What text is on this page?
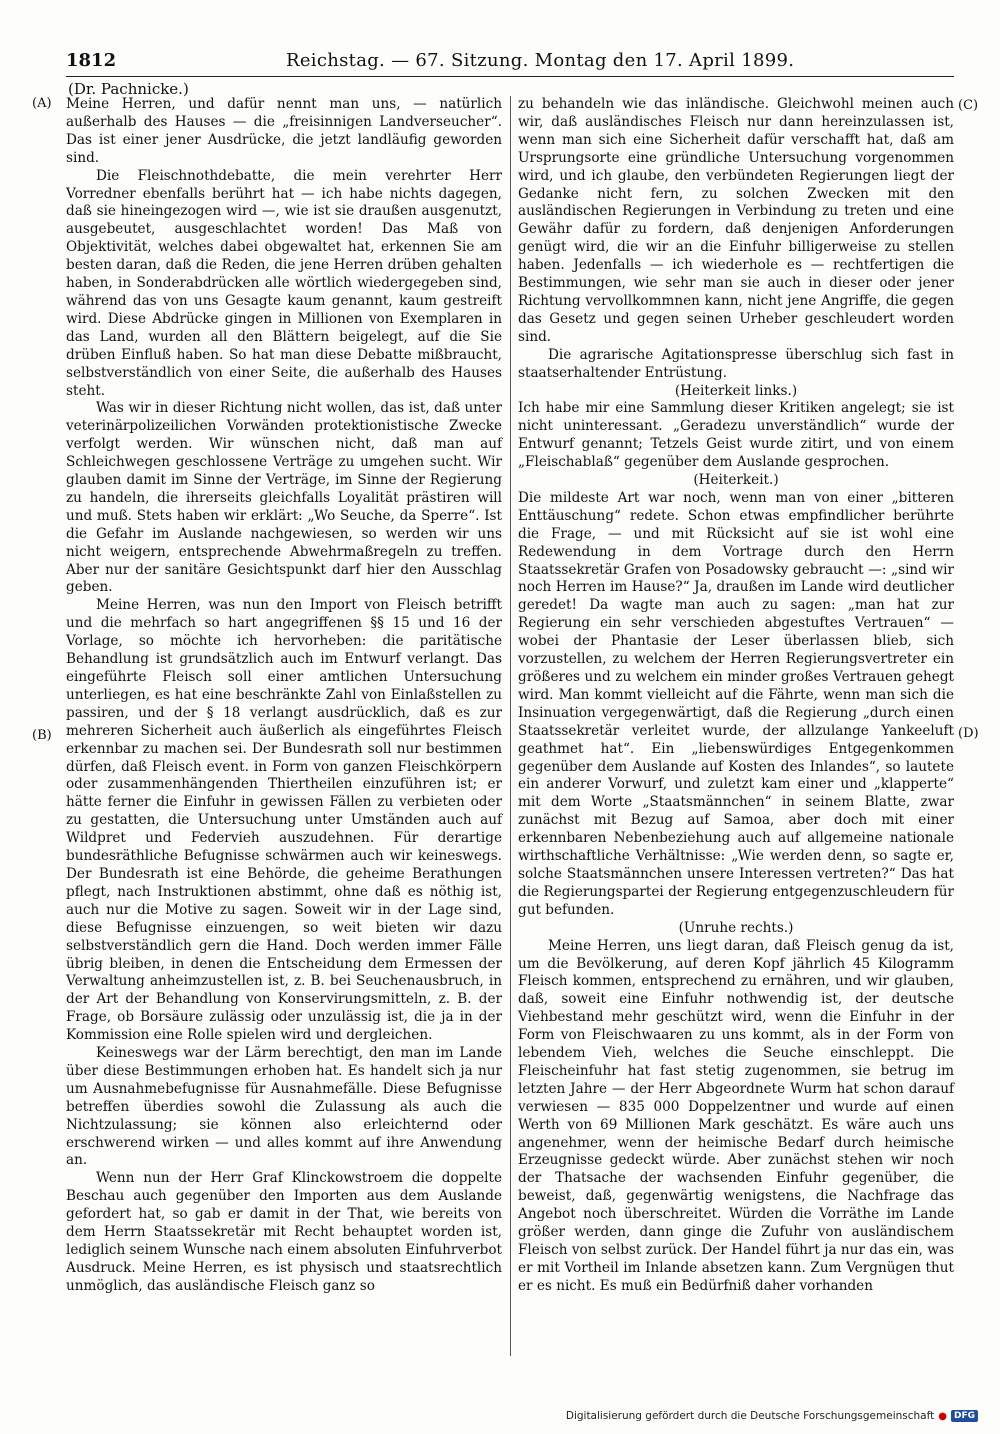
1812	Reichstag. — 67. Sitzung. Montag den 17. April 1899.
(Dr. Pachnicke.)
(A)
(B)
(C)
(D)

Meine Herren, und dafür nennt man uns, — natürlich außerhalb des Hauses — die „freisinnigen Landverseucher“. Das ist einer jener Ausdrücke, die jetzt landläufig geworden sind.

Die Fleischnothdebatte, die mein verehrter Herr Vorredner ebenfalls berührt hat — ich habe nichts dagegen, daß sie hineingezogen wird —, wie ist sie draußen ausgenutzt, ausgebeutet, ausgeschlachtet worden! Das Maß von Objektivität, welches dabei obgewaltet hat, erkennen Sie am besten daran, daß die Reden, die jene Herren drüben gehalten haben, in Sonderabdrücken alle wörtlich wiedergegeben sind, während das von uns Gesagte kaum genannt, kaum gestreift wird. Diese Abdrücke gingen in Millionen von Exemplaren in das Land, wurden all den Blättern beigelegt, auf die Sie drüben Einfluß haben. So hat man diese Debatte mißbraucht, selbstverständlich von einer Seite, die außerhalb des Hauses steht.

Was wir in dieser Richtung nicht wollen, das ist, daß unter veterinärpolizeilichen Vorwänden protektionistische Zwecke verfolgt werden. Wir wünschen nicht, daß man auf Schleichwegen geschlossene Verträge zu umgehen sucht. Wir glauben damit im Sinne der Verträge, im Sinne der Regierung zu handeln, die ihrerseits gleichfalls Loyalität prästiren will und muß. Stets haben wir erklärt: „Wo Seuche, da Sperre“. Ist die Gefahr im Auslande nachgewiesen, so werden wir uns nicht weigern, entsprechende Abwehrmaßregeln zu treffen. Aber nur der sanitäre Gesichtspunkt darf hier den Ausschlag geben.

Meine Herren, was nun den Import von Fleisch betrifft und die mehrfach so hart angegriffenen §§ 15 und 16 der Vorlage, so möchte ich hervorheben: die paritätische Behandlung ist grundsätzlich auch im Entwurf verlangt. Das eingeführte Fleisch soll einer amtlichen Untersuchung unterliegen, es hat eine beschränkte Zahl von Einlaßstellen zu passiren, und der § 18 verlangt ausdrücklich, daß es zur mehreren Sicherheit auch äußerlich als eingeführtes Fleisch erkennbar zu machen sei. Der Bundesrath soll nur bestimmen dürfen, daß Fleisch event. in Form von ganzen Fleischkörpern oder zusammenhängenden Thiertheilen einzuführen ist; er hätte ferner die Einfuhr in gewissen Fällen zu verbieten oder zu gestatten, die Untersuchung unter Umständen auch auf Wildpret und Federvieh auszudehnen. Für derartige bundesräthliche Befugnisse schwärmen auch wir keineswegs. Der Bundesrath ist eine Behörde, die geheime Berathungen pflegt, nach Instruktionen abstimmt, ohne daß es nöthig ist, auch nur die Motive zu sagen. Soweit wir in der Lage sind, diese Befugnisse einzuengen, so weit bieten wir dazu selbstverständlich gern die Hand. Doch werden immer Fälle übrig bleiben, in denen die Entscheidung dem Ermessen der Verwaltung anheimzustellen ist, z. B. bei Seuchenausbruch, in der Art der Behandlung von Konservirungsmitteln, z. B. der Frage, ob Borsäure zulässig oder unzulässig ist, die ja in der Kommission eine Rolle spielen wird und dergleichen.

Keineswegs war der Lärm berechtigt, den man im Lande über diese Bestimmungen erhoben hat. Es handelt sich ja nur um Ausnahmebefugnisse für Ausnahmefälle. Diese Befugnisse betreffen überdies sowohl die Zulassung als auch die Nichtzulassung; sie können also erleichternd oder erschwerend wirken — und alles kommt auf ihre Anwendung an.

Wenn nun der Herr Graf Klinckowstroem die doppelte Beschau auch gegenüber den Importen aus dem Auslande gefordert hat, so gab er damit in der That, wie bereits von dem Herrn Staatssekretär mit Recht behauptet worden ist, lediglich seinem Wunsche nach einem absoluten Einfuhrverbot Ausdruck. Meine Herren, es ist physisch und staatsrechtlich unmöglich, das ausländische Fleisch ganz so

zu behandeln wie das inländische. Gleichwohl meinen auch wir, daß ausländisches Fleisch nur dann hereinzulassen ist, wenn man sich eine Sicherheit dafür verschafft hat, daß am Ursprungsorte eine gründliche Untersuchung vorgenommen wird, und ich glaube, den verbündeten Regierungen liegt der Gedanke nicht fern, zu solchen Zwecken mit den ausländischen Regierungen in Verbindung zu treten und eine Gewähr dafür zu fordern, daß denjenigen Anforderungen genügt wird, die wir an die Einfuhr billigerweise zu stellen haben. Jedenfalls — ich wiederhole es — rechtfertigen die Bestimmungen, wie sehr man sie auch in dieser oder jener Richtung vervollkommnen kann, nicht jene Angriffe, die gegen das Gesetz und gegen seinen Urheber geschleudert worden sind.

Die agrarische Agitationspresse überschlug sich fast in staatserhaltender Entrüstung.

(Heiterkeit links.)

Ich habe mir eine Sammlung dieser Kritiken angelegt; sie ist nicht uninteressant. „Geradezu unverständlich“ wurde der Entwurf genannt; Tetzels Geist wurde zitirt, und von einem „Fleischablaß“ gegenüber dem Auslande gesprochen.

(Heiterkeit.)

Die mildeste Art war noch, wenn man von einer „bitteren Enttäuschung“ redete. Schon etwas empfindlicher berührte die Frage, — und mit Rücksicht auf sie ist wohl eine Redewendung in dem Vortrage durch den Herrn Staatssekretär Grafen von Posadowsky gebraucht —: „sind wir noch Herren im Hause?“ Ja, draußen im Lande wird deutlicher geredet! Da wagte man auch zu sagen: „man hat zur Regierung ein sehr verschieden abgestuftes Vertrauen“ — wobei der Phantasie der Leser überlassen blieb, sich vorzustellen, zu welchem der Herren Regierungsvertreter ein größeres und zu welchem ein minder großes Vertrauen gehegt wird. Man kommt vielleicht auf die Fährte, wenn man sich die Insinuation vergegenwärtigt, daß die Regierung „durch einen Staatssekretär verleitet wurde, der allzulange Yankeeluft geathmet hat“. Ein „liebenswürdiges Entgegenkommen gegenüber dem Auslande auf Kosten des Inlandes“, so lautete ein anderer Vorwurf, und zuletzt kam einer und „klapperte“ mit dem Worte „Staatsmännchen“ in seinem Blatte, zwar zunächst mit Bezug auf Samoa, aber doch mit einer erkennbaren Nebenbeziehung auch auf allgemeine nationale wirthschaftliche Verhältnisse: „Wie werden denn, so sagte er, solche Staatsmännchen unsere Interessen vertreten?“ Das hat die Regierungspartei der Regierung entgegenzuschleudern für gut befunden.

(Unruhe rechts.)

Meine Herren, uns liegt daran, daß Fleisch genug da ist, um die Bevölkerung, auf deren Kopf jährlich 45 Kilogramm Fleisch kommen, entsprechend zu ernähren, und wir glauben, daß, soweit eine Einfuhr nothwendig ist, der deutsche Viehbestand mehr geschützt wird, wenn die Einfuhr in der Form von Fleischwaaren zu uns kommt, als in der Form von lebendem Vieh, welches die Seuche einschleppt. Die Fleischeinfuhr hat fast stetig zugenommen, sie betrug im letzten Jahre — der Herr Abgeordnete Wurm hat schon darauf verwiesen — 835 000 Doppelzentner und wurde auf einen Werth von 69 Millionen Mark geschätzt. Es wäre auch uns angenehmer, wenn der heimische Bedarf durch heimische Erzeugnisse gedeckt würde. Aber zunächst stehen wir noch der Thatsache der wachsenden Einfuhr gegenüber, die beweist, daß, gegenwärtig wenigstens, die Nachfrage das Angebot noch überschreitet. Würden die Vorräthe im Lande größer werden, dann ginge die Zufuhr von ausländischem Fleisch von selbst zurück. Der Handel führt ja nur das ein, was er mit Vortheil im Inlande absetzen kann. Zum Vergnügen thut er es nicht. Es muß ein Bedürfniß daher vorhanden

Digitalisierung gefördert durch die Deutsche Forschungsgemeinschaft ● DFG
